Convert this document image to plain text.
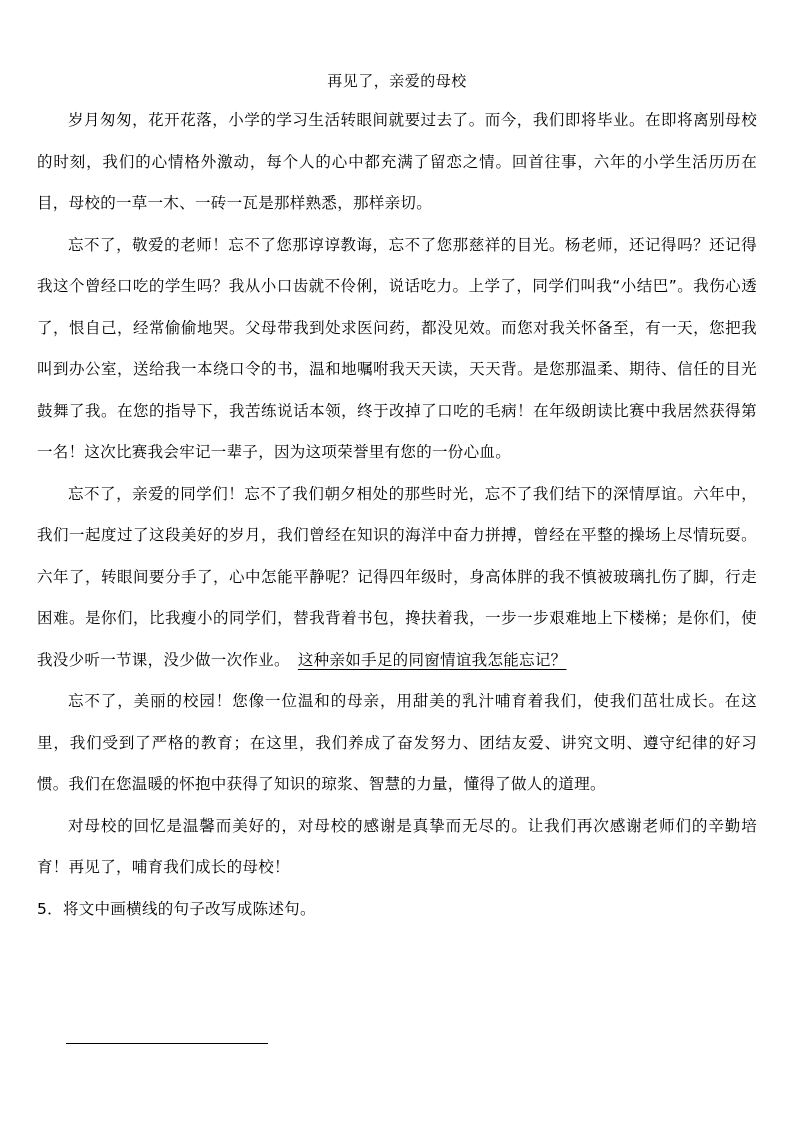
再见了，亲爱的母校

岁月匆匆，花开花落，小学的学习生活转眼间就要过去了。而今，我们即将毕业。在即将离别母校的时刻，我们的心情格外激动，每个人的心中都充满了留恋之情。回首往事，六年的小学生活历历在目，母校的一草一木、一砖一瓦是那样熟悉，那样亲切。

忘不了，敬爱的老师！忘不了您那谆谆教诲，忘不了您那慈祥的目光。杨老师，还记得吗？还记得我这个曾经口吃的学生吗？我从小口齿就不伶俐，说话吃力。上学了，同学们叫我“小结巴”。我伤心透了，恨自己，经常偷偷地哭。父母带我到处求医问药，都没见效。而您对我关怀备至，有一天，您把我叫到办公室，送给我一本绕口令的书，温和地嘱咐我天天读，天天背。是您那温柔、期待、信任的目光鼓舞了我。在您的指导下，我苦练说话本领，终于改掉了口吃的毛病！在年级朗读比赛中我居然获得第一名！这次比赛我会牢记一辈子，因为这项荣誉里有您的一份心血。

忘不了，亲爱的同学们！忘不了我们朝夕相处的那些时光，忘不了我们结下的深情厚谊。六年中，我们一起度过了这段美好的岁月，我们曾经在知识的海洋中奋力拼搏，曾经在平整的操场上尽情玩耍。六年了，转眼间要分手了，心中怎能平静呢？记得四年级时，身高体胖的我不慎被玻璃扎伤了脚，行走困难。是你们，比我瘦小的同学们，替我背着书包，搀扶着我，一步一步艰难地上下楼梯；是你们，使我没少听一节课，没少做一次作业。　 这种亲如手足的同窗情谊我怎能忘记？

忘不了，美丽的校园！您像一位温和的母亲，用甜美的乳汁哺育着我们，使我们茁壮成长。在这里，我们受到了严格的教育；在这里，我们养成了奋发努力、团结友爱、讲究文明、遵守纪律的好习惯。我们在您温暖的怀抱中获得了知识的琼浆、智慧的力量，懂得了做人的道理。

对母校的回忆是温馨而美好的，对母校的感谢是真挚而无尽的。让我们再次感谢老师们的辛勤培育！再见了，哺育我们成长的母校！

5．将文中画横线的句子改写成陈述句。
